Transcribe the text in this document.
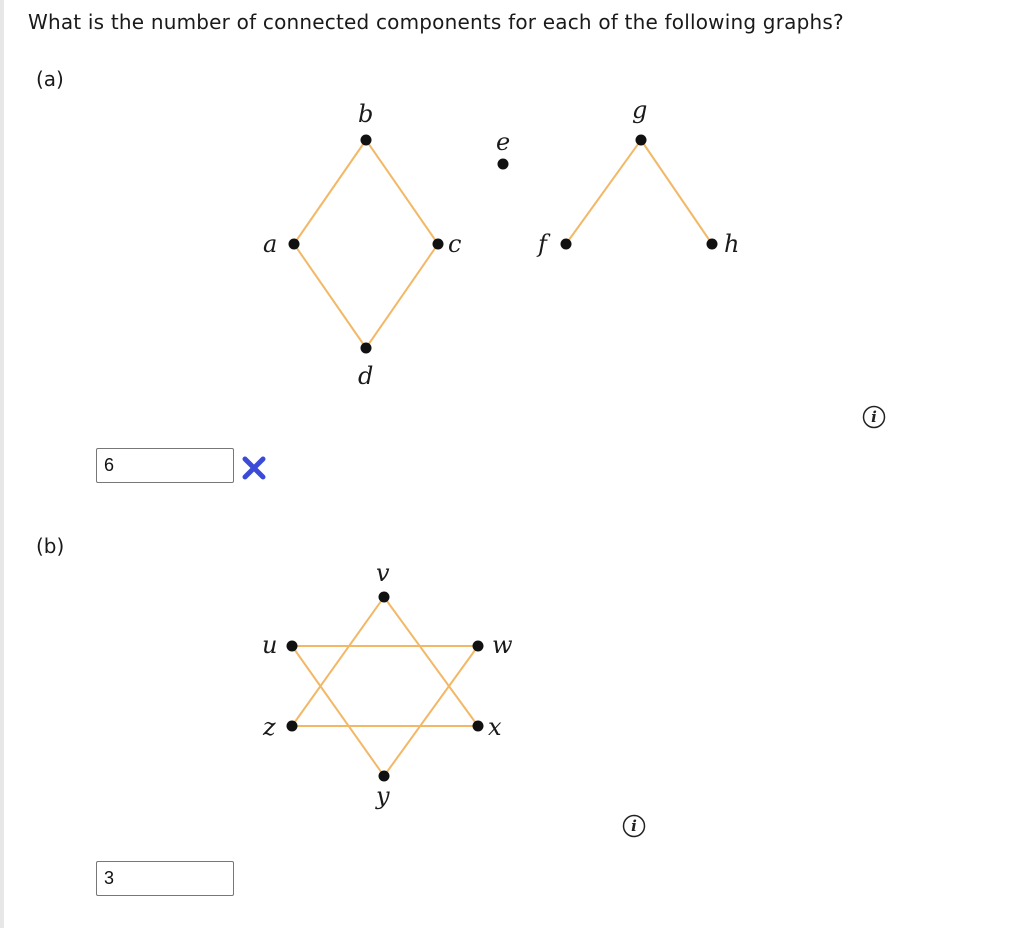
What is the number of connected components for each of the following graphs?
(a)
b
a	c
d
e
f
g
h
i
6
(b)
v
u	w
z	x
y
i
3
